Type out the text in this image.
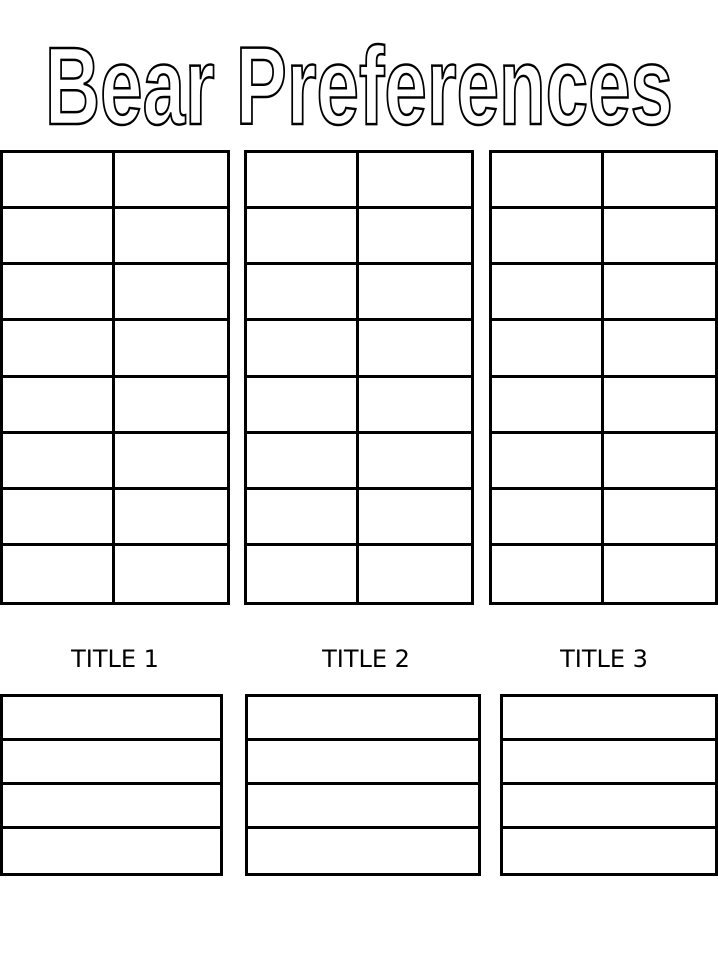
Bear Preferences
TITLE 1	TITLE 2	TITLE 3
